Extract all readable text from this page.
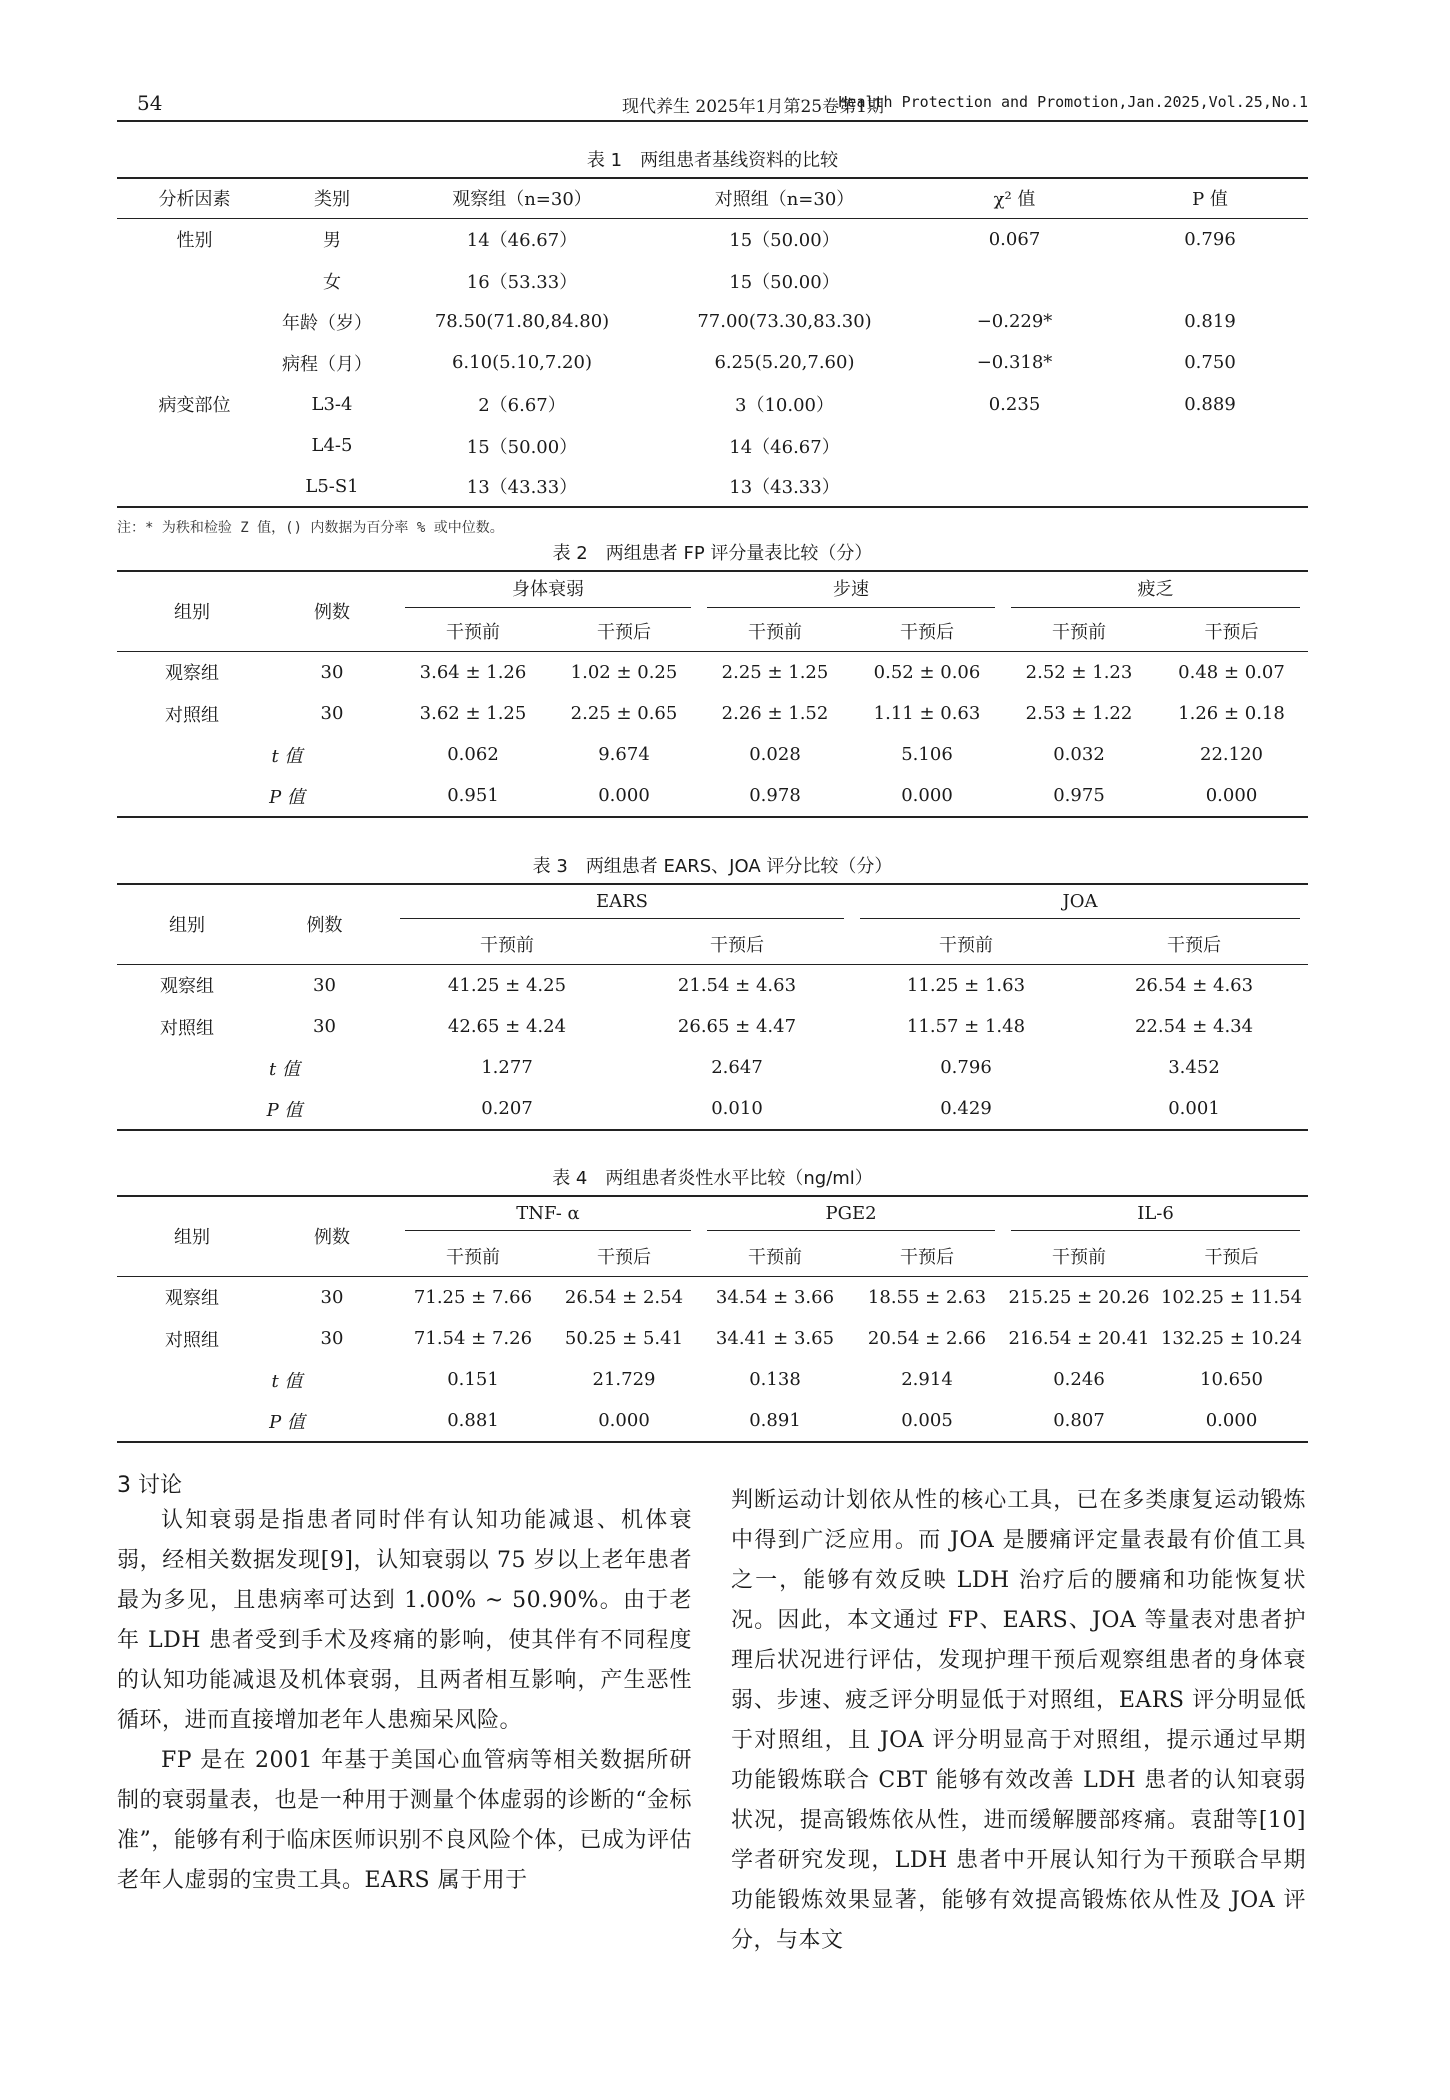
54	现代养生 2025年1月第25卷第1期
Health Protection and Promotion,Jan.2025,Vol.25,No.1
表 1 两组患者基线资料的比较
分析因素	类别	观察组（n=30）	对照组（n=30）	χ² 值	P 值
性别	男	14（46.67）	15（50.00）	0.067	0.796
	女	16（53.33）	15（50.00）		
年龄（岁）		78.50(71.80,84.80)	77.00(73.30,83.30)	−0.229*	0.819
病程（月）		6.10(5.10,7.20)	6.25(5.20,7.60)	−0.318*	0.750
病变部位	L3-4	2（6.67）	3（10.00）	0.235	0.889
	L4-5	15（50.00）	14（46.67）		
	L5-S1	13（43.33）	13（43.33）		
注：* 为秩和检验 Z 值，() 内数据为百分率 % 或中位数。
表 2 两组患者 FP 评分量表比较（分）
组别	例数	身体衰弱		步速		疲乏	

		干预前	干预后	干预前	干预后	干预前	干预后
观察组	30	3.64 ± 1.26	1.02 ± 0.25	2.25 ± 1.25	0.52 ± 0.06	2.52 ± 1.23	0.48 ± 0.07
对照组	30	3.62 ± 1.25	2.25 ± 0.65	2.26 ± 1.52	1.11 ± 0.63	2.53 ± 1.22	1.26 ± 0.18
t 值		0.062	9.674	0.028	5.106	0.032	22.120
P 值		0.951	0.000	0.978	0.000	0.975	0.000
表 3 两组患者 EARS、JOA 评分比较（分）
组别	例数	EARS		JOA	

		干预前	干预后	干预前	干预后
观察组	30	41.25 ± 4.25	21.54 ± 4.63	11.25 ± 1.63	26.54 ± 4.63
对照组	30	42.65 ± 4.24	26.65 ± 4.47	11.57 ± 1.48	22.54 ± 4.34
t 值		1.277	2.647	0.796	3.452
P 值		0.207	0.010	0.429	0.001
表 4 两组患者炎性水平比较（ng/ml）
组别	例数	TNF- α		PGE2		IL-6	

		干预前	干预后	干预前	干预后	干预前	干预后
观察组	30	71.25 ± 7.66	26.54 ± 2.54	34.54 ± 3.66	18.55 ± 2.63	215.25 ± 20.26	102.25 ± 11.54
对照组	30	71.54 ± 7.26	50.25 ± 5.41	34.41 ± 3.65	20.54 ± 2.66	216.54 ± 20.41	132.25 ± 10.24
t 值		0.151	21.729	0.138	2.914	0.246	10.650
P 值		0.881	0.000	0.891	0.005	0.807	0.000
3 讨论

认知衰弱是指患者同时伴有认知功能减退、机体衰弱，经相关数据发现[9]，认知衰弱以 75 岁以上老年患者最为多见，且患病率可达到 1.00% ~ 50.90%。由于老年 LDH 患者受到手术及疼痛的影响，使其伴有不同程度的认知功能减退及机体衰弱，且两者相互影响，产生恶性循环，进而直接增加老年人患痴呆风险。

FP 是在 2001 年基于美国心血管病等相关数据所研制的衰弱量表，也是一种用于测量个体虚弱的诊断的“金标准”，能够有利于临床医师识别不良风险个体，已成为评估老年人虚弱的宝贵工具。EARS 属于用于

判断运动计划依从性的核心工具，已在多类康复运动锻炼中得到广泛应用。而 JOA 是腰痛评定量表最有价值工具之一，能够有效反映 LDH 治疗后的腰痛和功能恢复状况。因此，本文通过 FP、EARS、JOA 等量表对患者护理后状况进行评估，发现护理干预后观察组患者的身体衰弱、步速、疲乏评分明显低于对照组，EARS 评分明显低于对照组，且 JOA 评分明显高于对照组，提示通过早期功能锻炼联合 CBT 能够有效改善 LDH 患者的认知衰弱状况，提高锻炼依从性，进而缓解腰部疼痛。袁甜等[10]学者研究发现，LDH 患者中开展认知行为干预联合早期功能锻炼效果显著，能够有效提高锻炼依从性及 JOA 评分，与本文
